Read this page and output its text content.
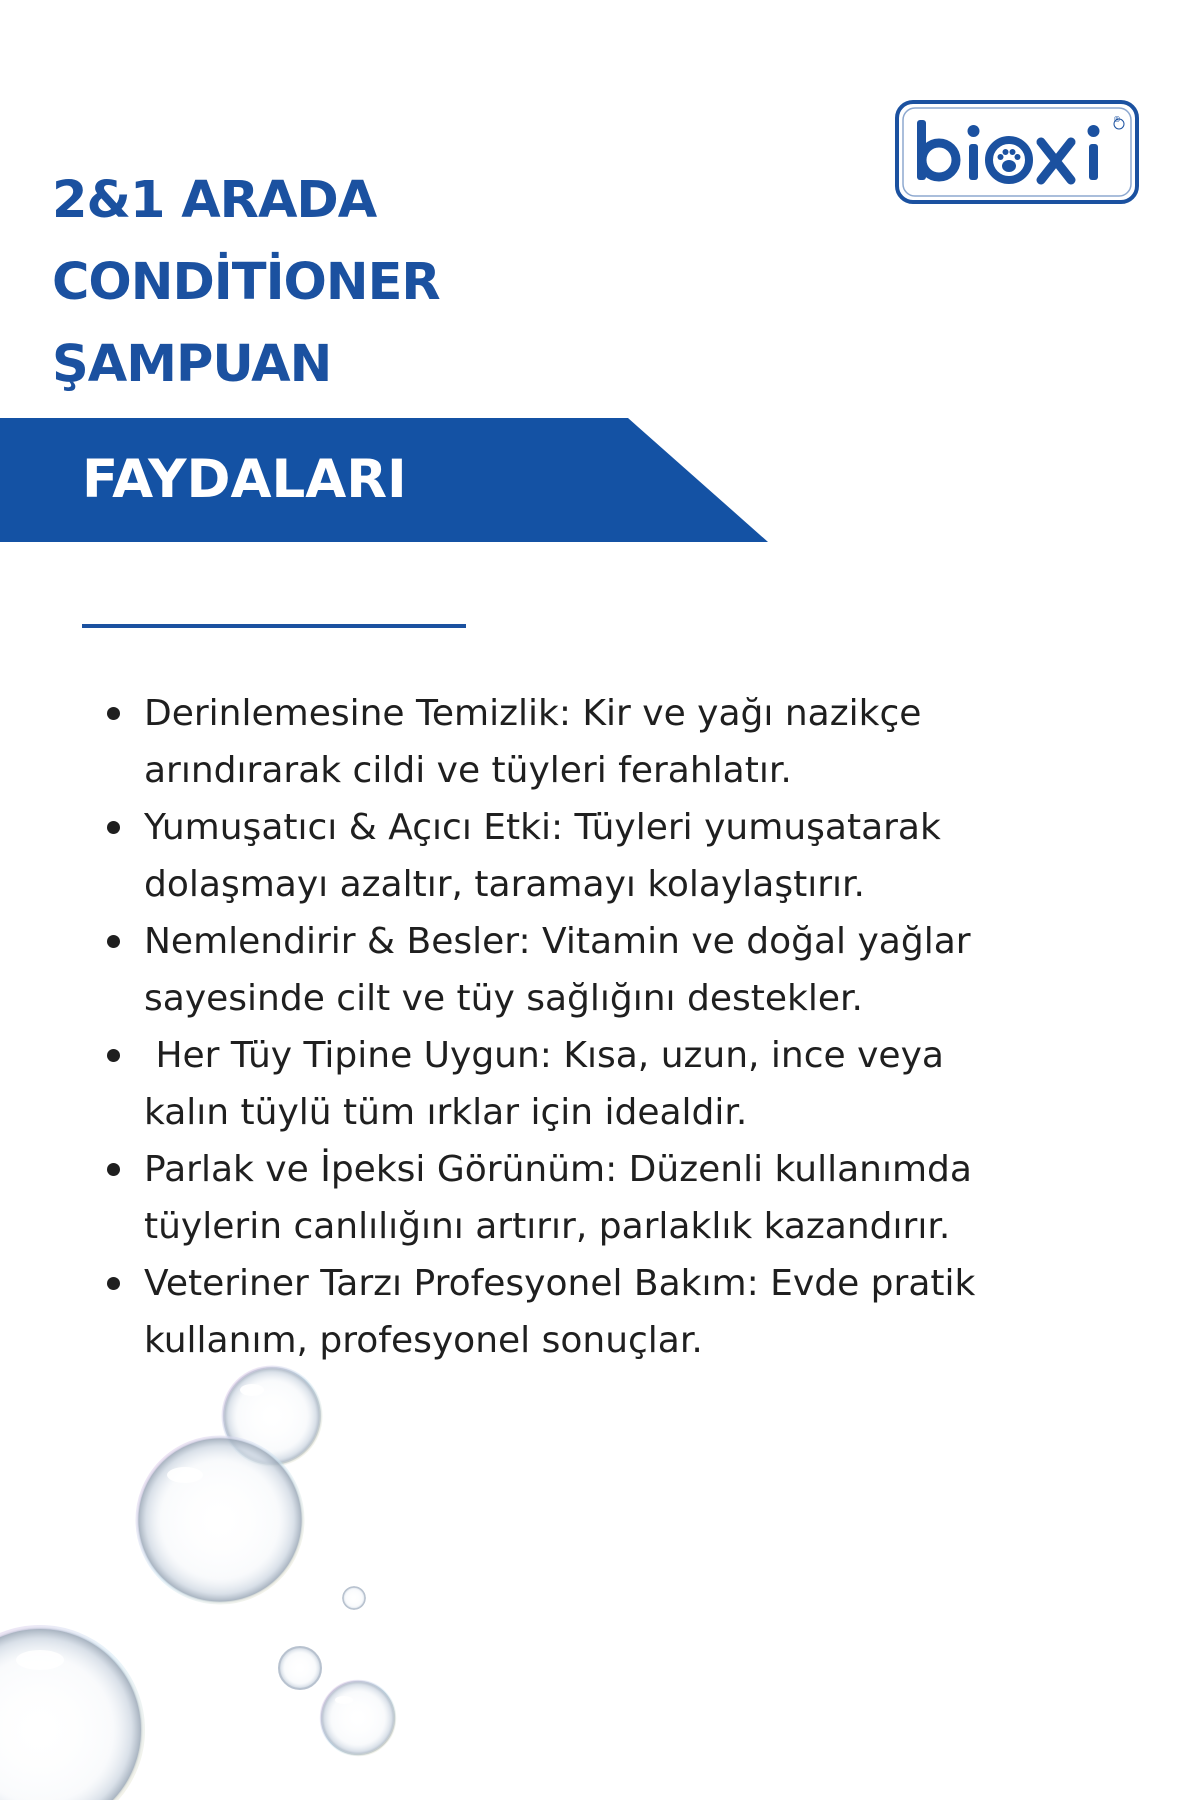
®
2&1 ARADA
CONDİTİONER
ŞAMPUAN
FAYDALARI
Derinlemesine Temizlik: Kir ve yağı nazikçe
arındırarak cildi ve tüyleri ferahlatır.
Yumuşatıcı & Açıcı Etki: Tüyleri yumuşatarak
dolaşmayı azaltır, taramayı kolaylaştırır.
Nemlendirir & Besler: Vitamin ve doğal yağlar
sayesinde cilt ve tüy sağlığını destekler.
Her Tüy Tipine Uygun: Kısa, uzun, ince veya
kalın tüylü tüm ırklar için idealdir.
Parlak ve İpeksi Görünüm: Düzenli kullanımda
tüylerin canlılığını artırır, parlaklık kazandırır.
Veteriner Tarzı Profesyonel Bakım: Evde pratik
kullanım, profesyonel sonuçlar.
